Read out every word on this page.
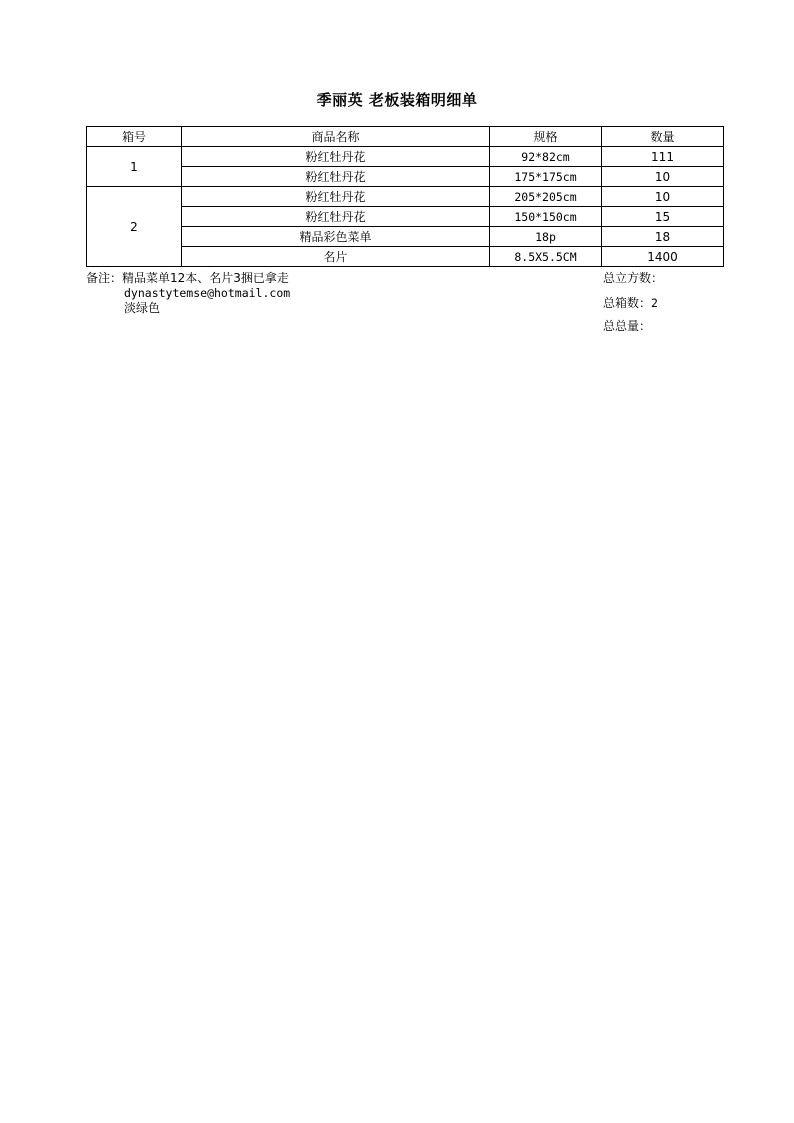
季丽英 老板装箱明细单
箱号	商品名称	规格	数量
1	粉红牡丹花	92*82cm	111
	粉红牡丹花	175*175cm	10
2	粉红牡丹花	205*205cm	10
	粉红牡丹花	150*150cm	15
	精品彩色菜单	18p	18
	名片	8.5X5.5CM	1400
备注：精品菜单12本、名片3捆已拿走
dynastytemse@hotmail.com
淡绿色
总立方数：
总箱数：2
总总量：
